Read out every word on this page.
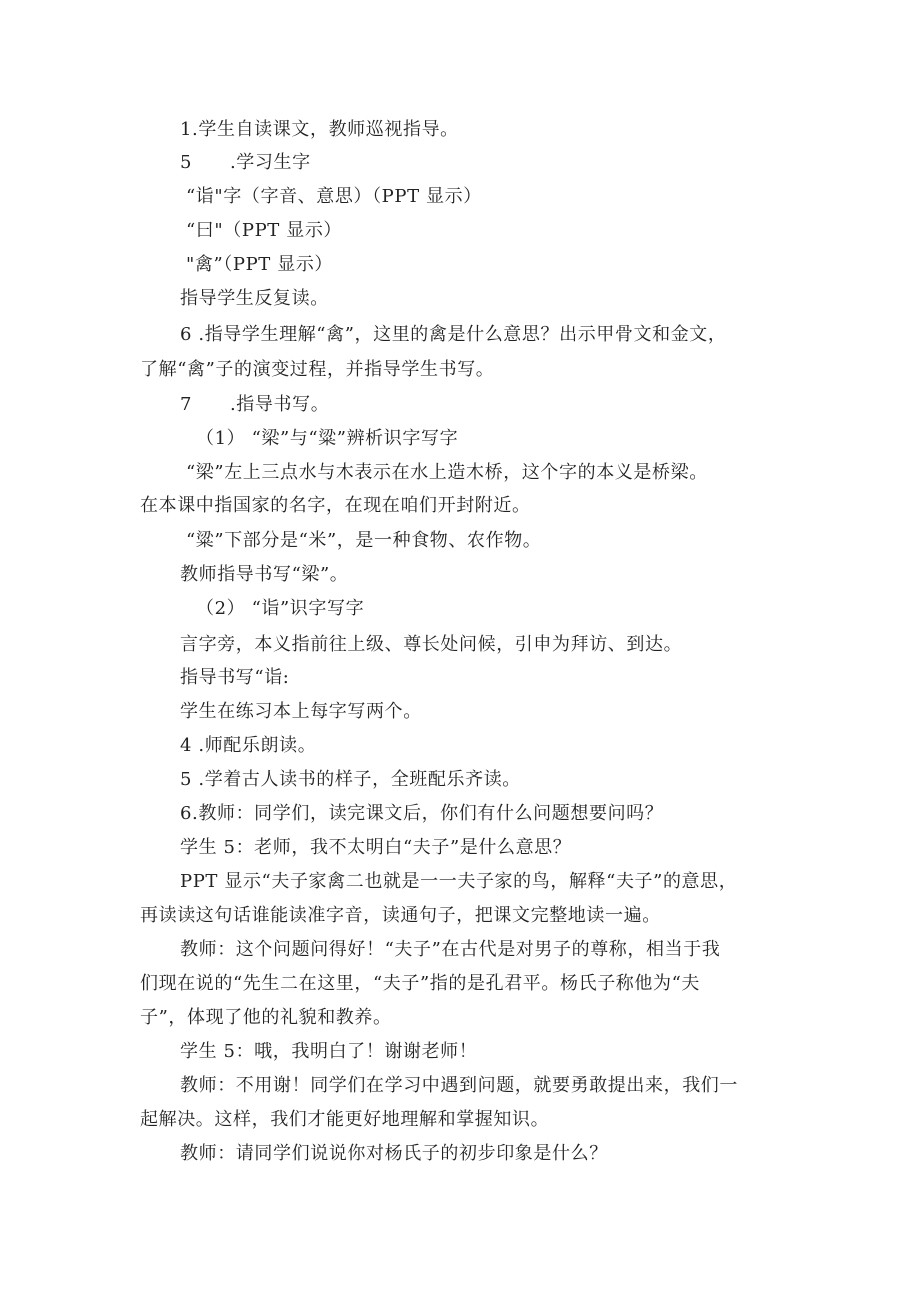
1.学生自读课文，教师巡视指导。
5      .学习生字
“诣"字（字音、意思）（PPT 显示）
“曰"（PPT 显示）
"禽”（PPT 显示）
指导学生反复读。
6 .指导学生理解“禽”，这里的禽是什么意思？出示甲骨文和金文，
了解“禽”子的演变过程，并指导学生书写。
7      .指导书写。
（1） “梁”与“粱”辨析识字写字
“梁”左上三点水与木表示在水上造木桥，这个字的本义是桥梁。
在本课中指国家的名字，在现在咱们开封附近。
“粱”下部分是“米”，是一种食物、农作物。
教师指导书写“梁”。
（2） “诣”识字写字
言字旁，本义指前往上级、尊长处问候，引申为拜访、到达。
指导书写“诣:
学生在练习本上每字写两个。
4 .师配乐朗读。
5 .学着古人读书的样子，全班配乐齐读。
6.教师：同学们，读完课文后，你们有什么问题想要问吗？
学生 5：老师，我不太明白“夫子”是什么意思？
PPT 显示“夫子家禽二也就是一一夫子家的鸟，解释“夫子”的意思，
再读读这句话谁能读准字音，读通句子，把课文完整地读一遍。
教师：这个问题问得好！“夫子”在古代是对男子的尊称，相当于我
们现在说的“先生二在这里，“夫子”指的是孔君平。杨氏子称他为“夫
子”，体现了他的礼貌和教养。
学生 5：哦，我明白了！谢谢老师！
教师：不用谢！同学们在学习中遇到问题，就要勇敢提出来，我们一
起解决。这样，我们才能更好地理解和掌握知识。
教师：请同学们说说你对杨氏子的初步印象是什么？
